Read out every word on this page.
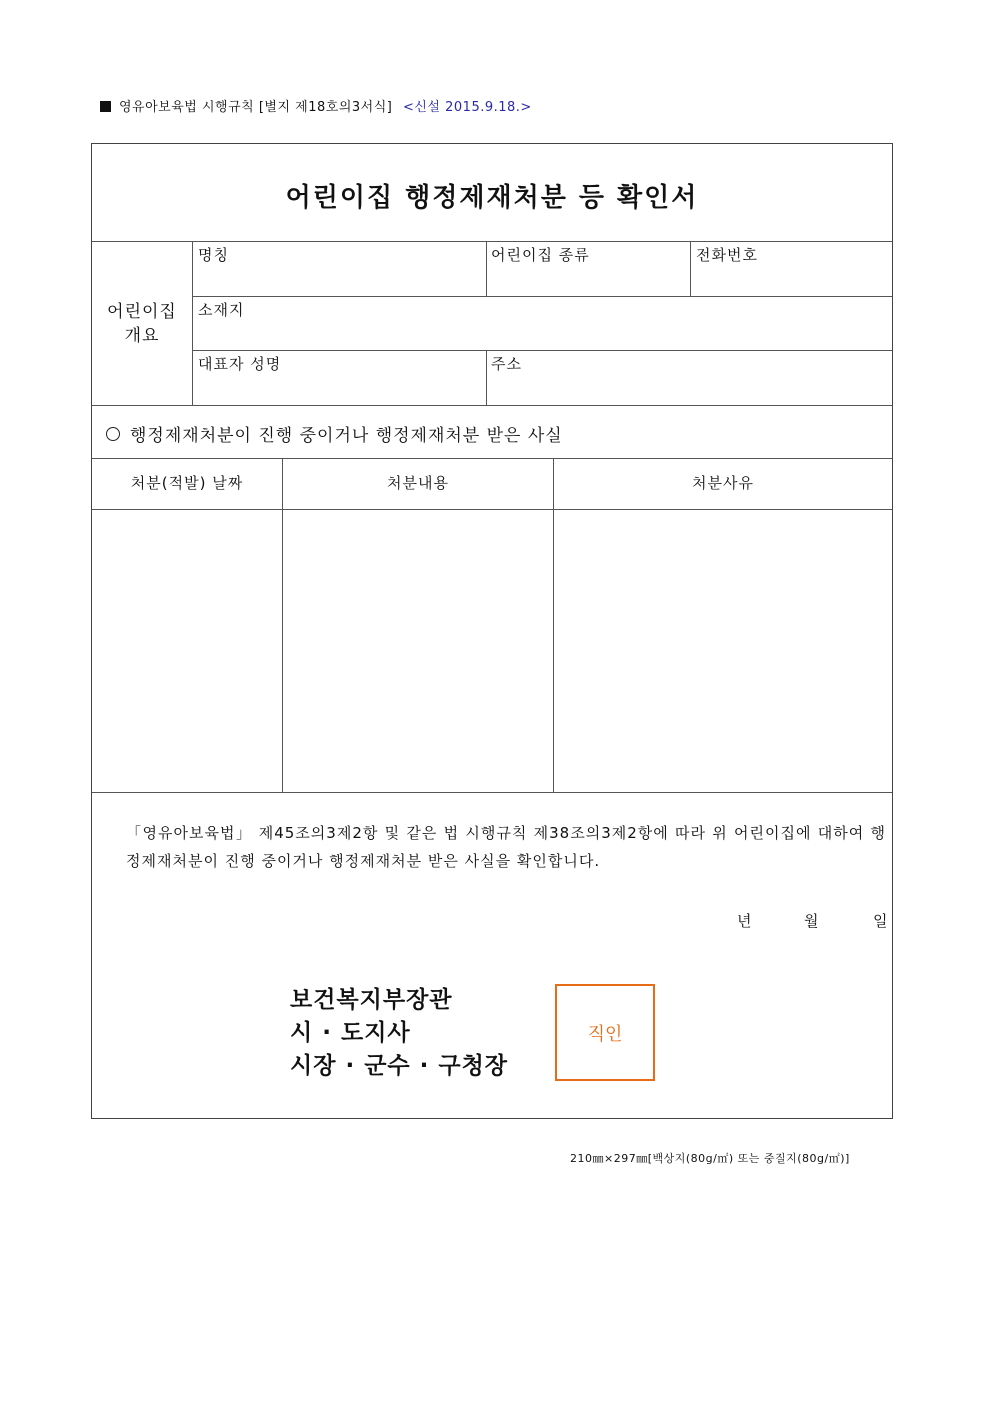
영유아보육법 시행규칙 [별지 제18호의3서식] <신설 2015.9.18.>
어린이집 행정제재처분 등 확인서
어린이집
개요
명칭	어린이집 종류	전화번호
소재지
대표자 성명	주소
행정제재처분이 진행 중이거나 행정제재처분 받은 사실
처분(적발) 날짜	처분내용	처분사유
「영유아보육법」 제45조의3제2항 및 같은 법 시행규칙 제38조의3제2항에 따라 위 어린이집에 대하여 행정제재처분이 진행 중이거나 행정제재처분 받은 사실을 확인합니다.
년	월	일
보건복지부장관
시 · 도지사
시장 · 군수 · 구청장
직인
210㎜×297㎜[백상지(80g/㎡) 또는 중질지(80g/㎡)]
